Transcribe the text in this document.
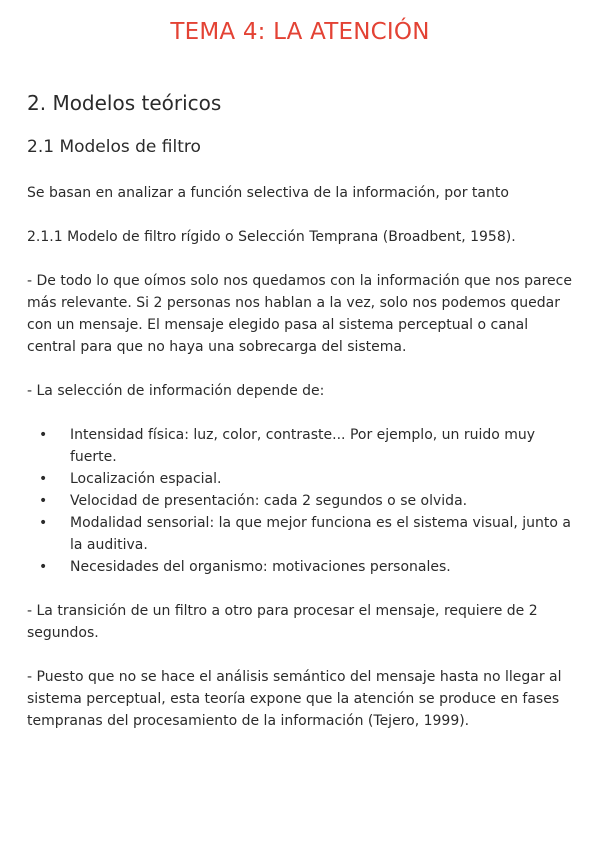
TEMA 4: LA ATENCIÓN
2. Modelos teóricos
2.1 Modelos de filtro

Se basan en analizar a función selectiva de la información, por tanto

2.1.1 Modelo de filtro rígido o Selección Temprana (Broadbent, 1958).

- De todo lo que oímos solo nos quedamos con la información que nos parece más relevante. Si 2 personas nos hablan a la vez, solo nos podemos quedar con un mensaje. El mensaje elegido pasa al sistema perceptual o canal central para que no haya una sobrecarga del sistema.

- La selección de información depende de:

• Intensidad física: luz, color, contraste... Por ejemplo, un ruido muy fuerte.
• Localización espacial.
• Velocidad de presentación: cada 2 segundos o se olvida.
• Modalidad sensorial: la que mejor funciona es el sistema visual, junto a la auditiva.
• Necesidades del organismo: motivaciones personales.

- La transición de un filtro a otro para procesar el mensaje, requiere de 2 segundos.

- Puesto que no se hace el análisis semántico del mensaje hasta no llegar al sistema perceptual, esta teoría expone que la atención se produce en fases tempranas del procesamiento de la información (Tejero, 1999).
